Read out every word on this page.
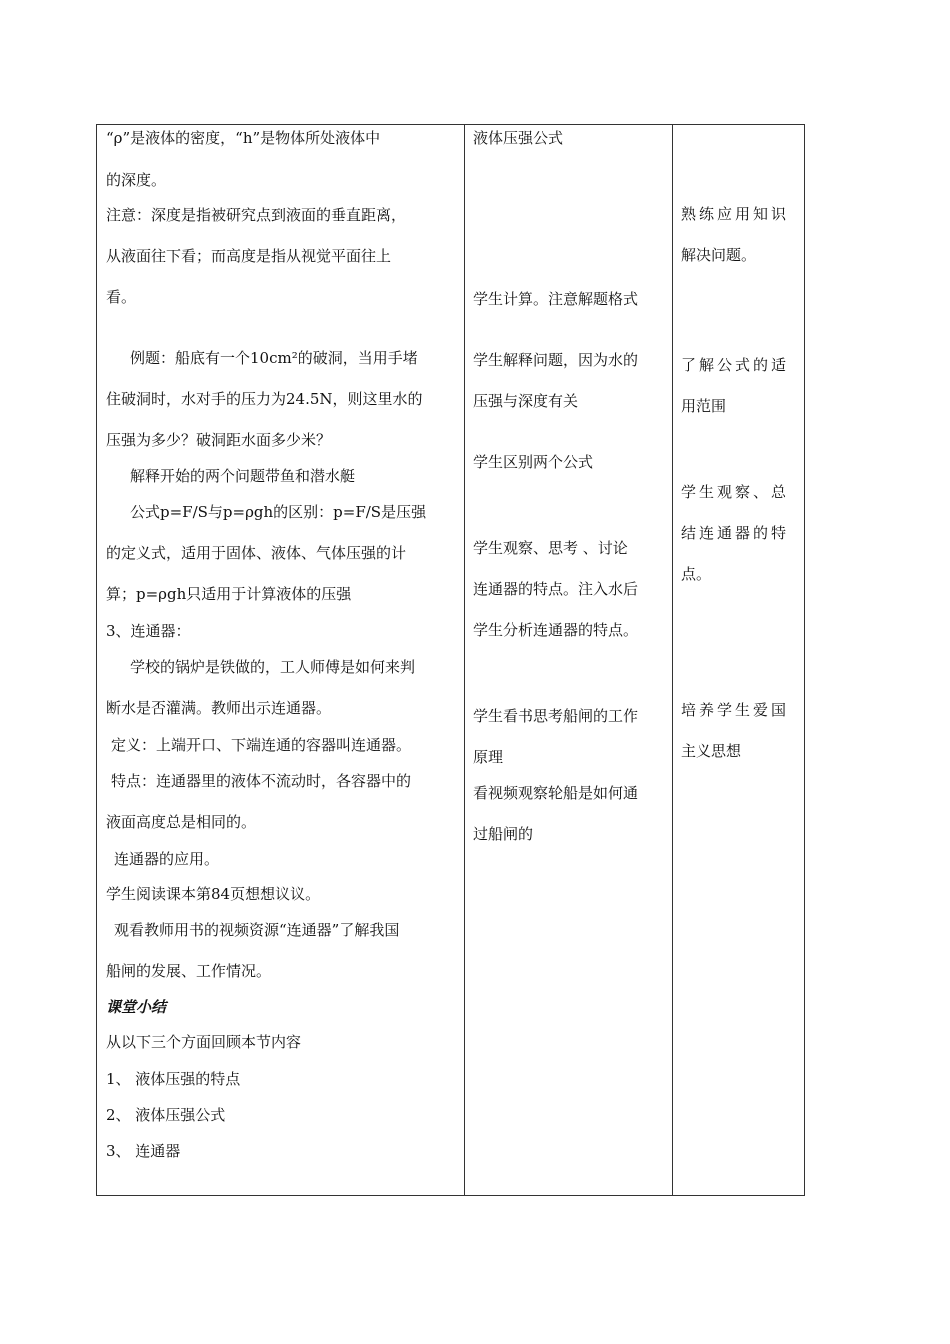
“ρ”是液体的密度，“h”是物体所处液体中
的深度。
注意：深度是指被研究点到液面的垂直距离，
从液面往下看；而高度是指从视觉平面往上
看。
例题：船底有一个10cm²的破洞，当用手堵
住破洞时，水对手的压力为24.5N，则这里水的
压强为多少？破洞距水面多少米？
解释开始的两个问题带鱼和潜水艇
公式p=F/S与p=ρgh的区别：p=F/S是压强
的定义式，适用于固体、液体、气体压强的计
算；p=ρgh只适用于计算液体的压强
3、连通器：
学校的锅炉是铁做的，工人师傅是如何来判
断水是否灌满。教师出示连通器。
定义：上端开口、下端连通的容器叫连通器。
特点：连通器里的液体不流动时，各容器中的
液面高度总是相同的。
连通器的应用。
学生阅读课本第84页想想议议。
观看教师用书的视频资源“连通器”了解我国
船闸的发展、工作情况。
课堂小结
从以下三个方面回顾本节内容
1、 液体压强的特点
2、 液体压强公式
3、 连通器
液体压强公式
学生计算。注意解题格式
学生解释问题，因为水的
压强与深度有关
学生区别两个公式
学生观察、思考 、讨论
连通器的特点。注入水后
学生分析连通器的特点。
学生看书思考船闸的工作
原理
看视频观察轮船是如何通
过船闸的
熟练应用知识
解决问题。
了解公式的适
用范围
学生观察、总
结连通器的特
点。
培养学生爱国
主义思想
